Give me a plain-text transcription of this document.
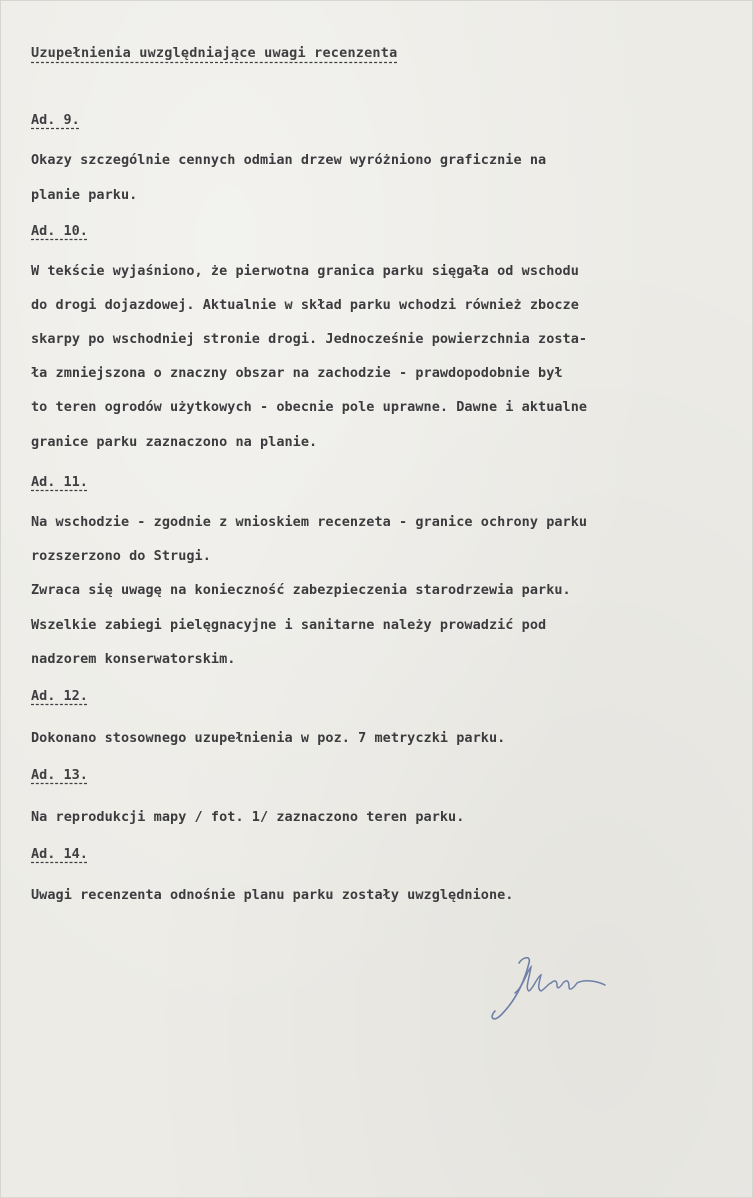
Uzupełnienia uwzględniające uwagi recenzenta
Ad. 9.
Okazy szczególnie cennych odmian drzew wyróżniono graficznie na
planie parku.
Ad. 10.
W tekście wyjaśniono, że pierwotna granica parku sięgała od wschodu
do drogi dojazdowej. Aktualnie w skład parku wchodzi również zbocze
skarpy po wschodniej stronie drogi. Jednocześnie powierzchnia zosta-
ła zmniejszona o znaczny obszar na zachodzie - prawdopodobnie był
to teren ogrodów użytkowych - obecnie pole uprawne. Dawne i aktualne
granice parku zaznaczono na planie.
Ad. 11.
Na wschodzie - zgodnie z wnioskiem recenzeta - granice ochrony parku
rozszerzono do Strugi.
Zwraca się uwagę na konieczność zabezpieczenia starodrzewia parku.
Wszelkie zabiegi pielęgnacyjne i sanitarne należy prowadzić pod
nadzorem konserwatorskim.
Ad. 12.
Dokonano stosownego uzupełnienia w poz. 7 metryczki parku.
Ad. 13.
Na reprodukcji mapy / fot. 1/ zaznaczono teren parku.
Ad. 14.
Uwagi recenzenta odnośnie planu parku zostały uwzględnione.
